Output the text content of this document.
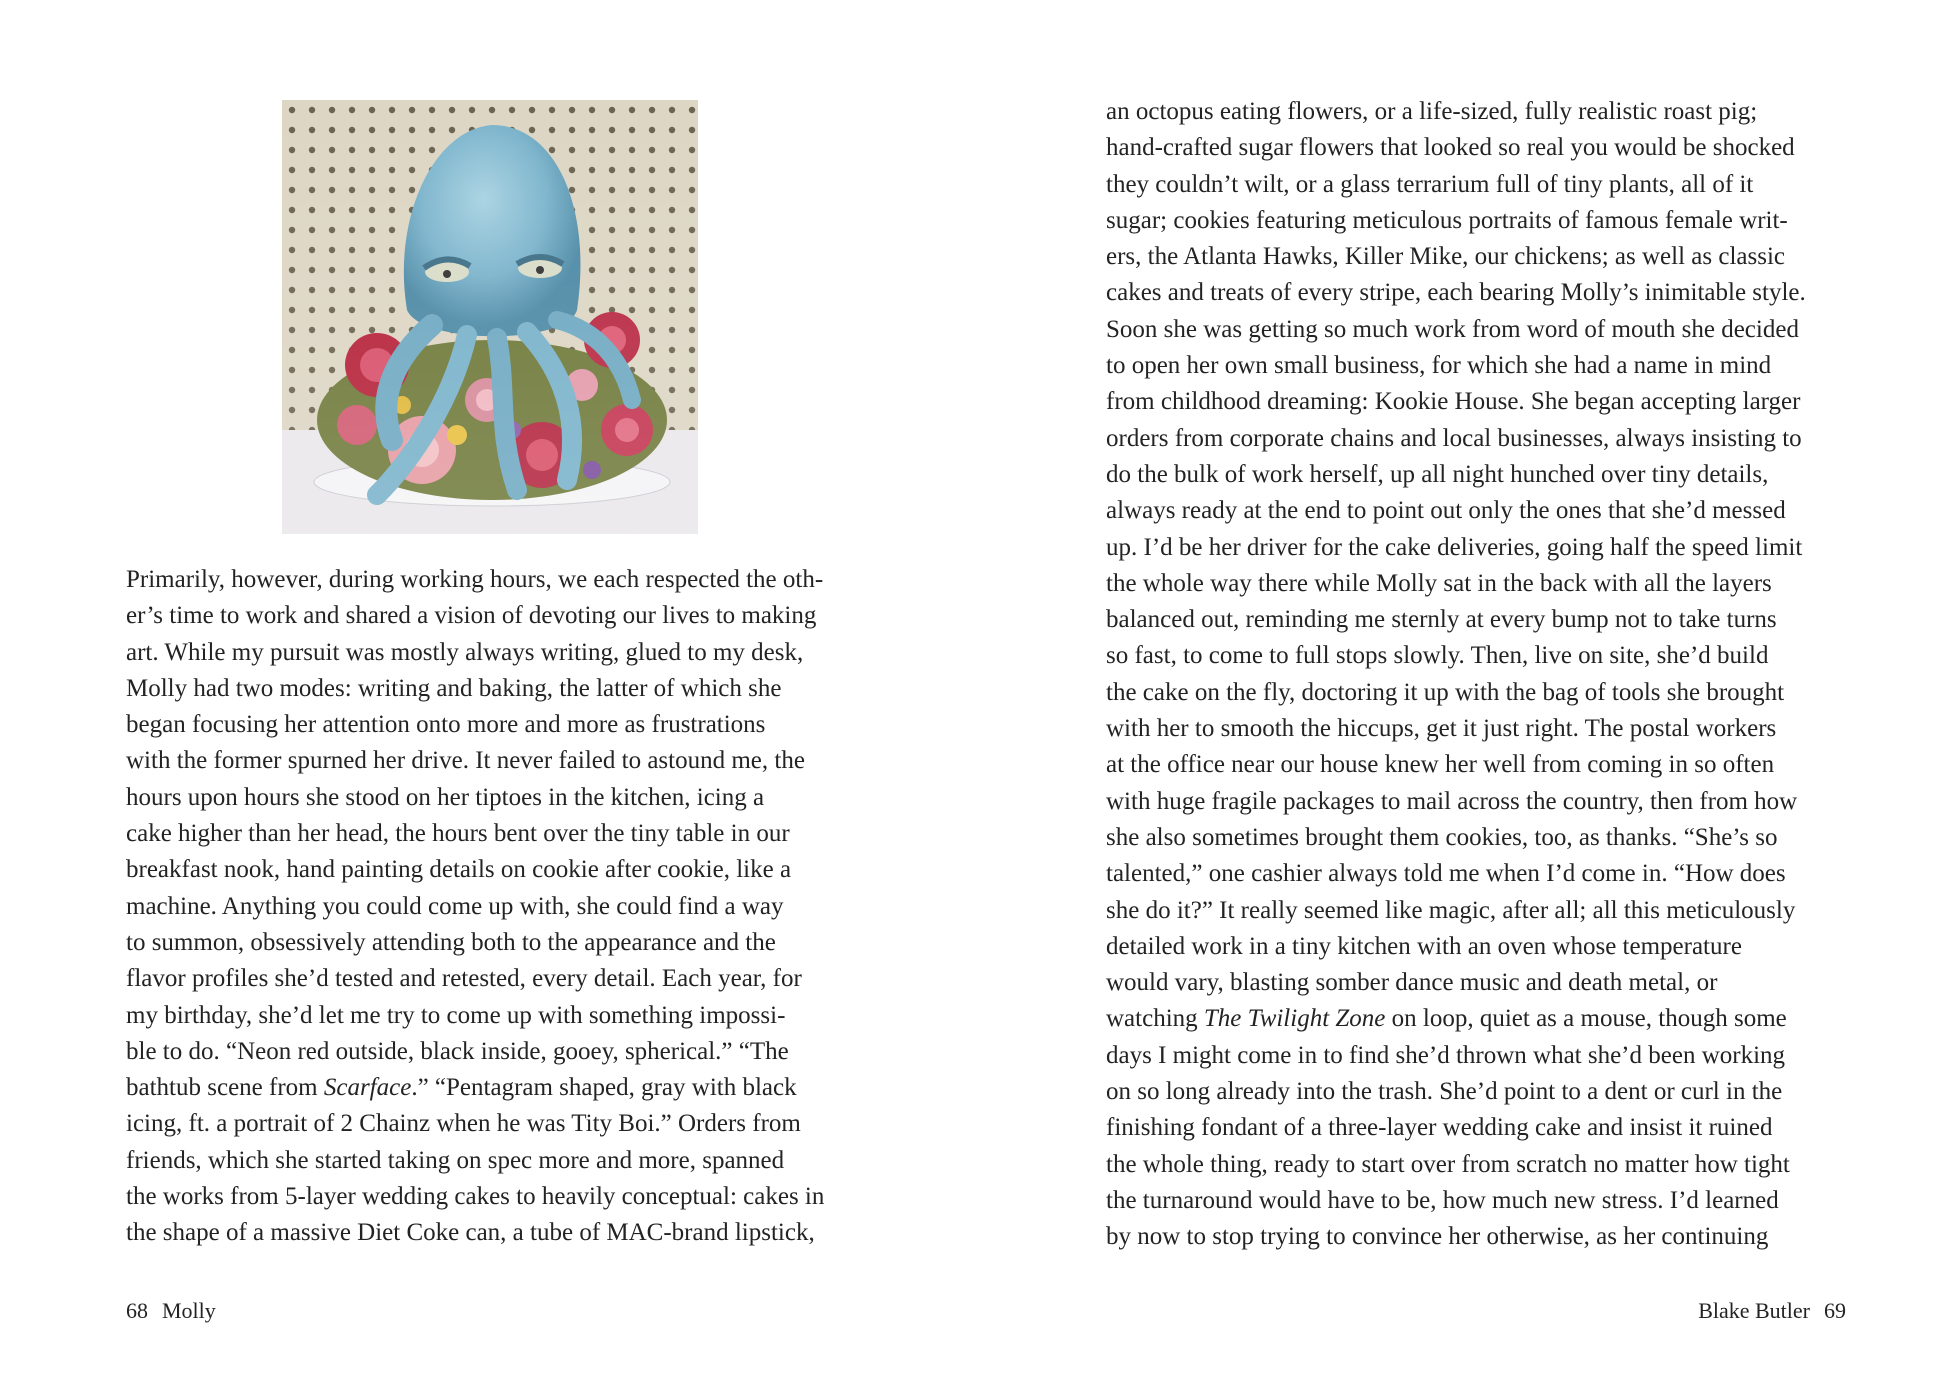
Primarily, however, during working hours, we each respected the oth-
er’s time to work and shared a vision of devoting our lives to making
art. While my pursuit was mostly always writing, glued to my desk,
Molly had two modes: writing and baking, the latter of which she
began focusing her attention onto more and more as frustrations
with the former spurned her drive. It never failed to astound me, the
hours upon hours she stood on her tiptoes in the kitchen, icing a
cake higher than her head, the hours bent over the tiny table in our
breakfast nook, hand painting details on cookie after cookie, like a
machine. Anything you could come up with, she could find a way
to summon, obsessively attending both to the appearance and the
flavor profiles she’d tested and retested, every detail. Each year, for
my birthday, she’d let me try to come up with something impossi-
ble to do. “Neon red outside, black inside, gooey, spherical.” “The
bathtub scene from Scarface.” “Pentagram shaped, gray with black
icing, ft. a portrait of 2 Chainz when he was Tity Boi.” Orders from
friends, which she started taking on spec more and more, spanned
the works from 5-layer wedding cakes to heavily conceptual: cakes in
the shape of a massive Diet Coke can, a tube of MAC-brand lipstick,
68 Molly
an octopus eating flowers, or a life-sized, fully realistic roast pig;
hand-crafted sugar flowers that looked so real you would be shocked
they couldn’t wilt, or a glass terrarium full of tiny plants, all of it
sugar; cookies featuring meticulous portraits of famous female writ-
ers, the Atlanta Hawks, Killer Mike, our chickens; as well as classic
cakes and treats of every stripe, each bearing Molly’s inimitable style.
Soon she was getting so much work from word of mouth she decided
to open her own small business, for which she had a name in mind
from childhood dreaming: Kookie House. She began accepting larger
orders from corporate chains and local businesses, always insisting to
do the bulk of work herself, up all night hunched over tiny details,
always ready at the end to point out only the ones that she’d messed
up. I’d be her driver for the cake deliveries, going half the speed limit
the whole way there while Molly sat in the back with all the layers
balanced out, reminding me sternly at every bump not to take turns
so fast, to come to full stops slowly. Then, live on site, she’d build
the cake on the fly, doctoring it up with the bag of tools she brought
with her to smooth the hiccups, get it just right. The postal workers
at the office near our house knew her well from coming in so often
with huge fragile packages to mail across the country, then from how
she also sometimes brought them cookies, too, as thanks. “She’s so
talented,” one cashier always told me when I’d come in. “How does
she do it?” It really seemed like magic, after all; all this meticulously
detailed work in a tiny kitchen with an oven whose temperature
would vary, blasting somber dance music and death metal, or
watching The Twilight Zone on loop, quiet as a mouse, though some
days I might come in to find she’d thrown what she’d been working
on so long already into the trash. She’d point to a dent or curl in the
finishing fondant of a three-layer wedding cake and insist it ruined
the whole thing, ready to start over from scratch no matter how tight
the turnaround would have to be, how much new stress. I’d learned
by now to stop trying to convince her otherwise, as her continuing
Blake Butler 69
